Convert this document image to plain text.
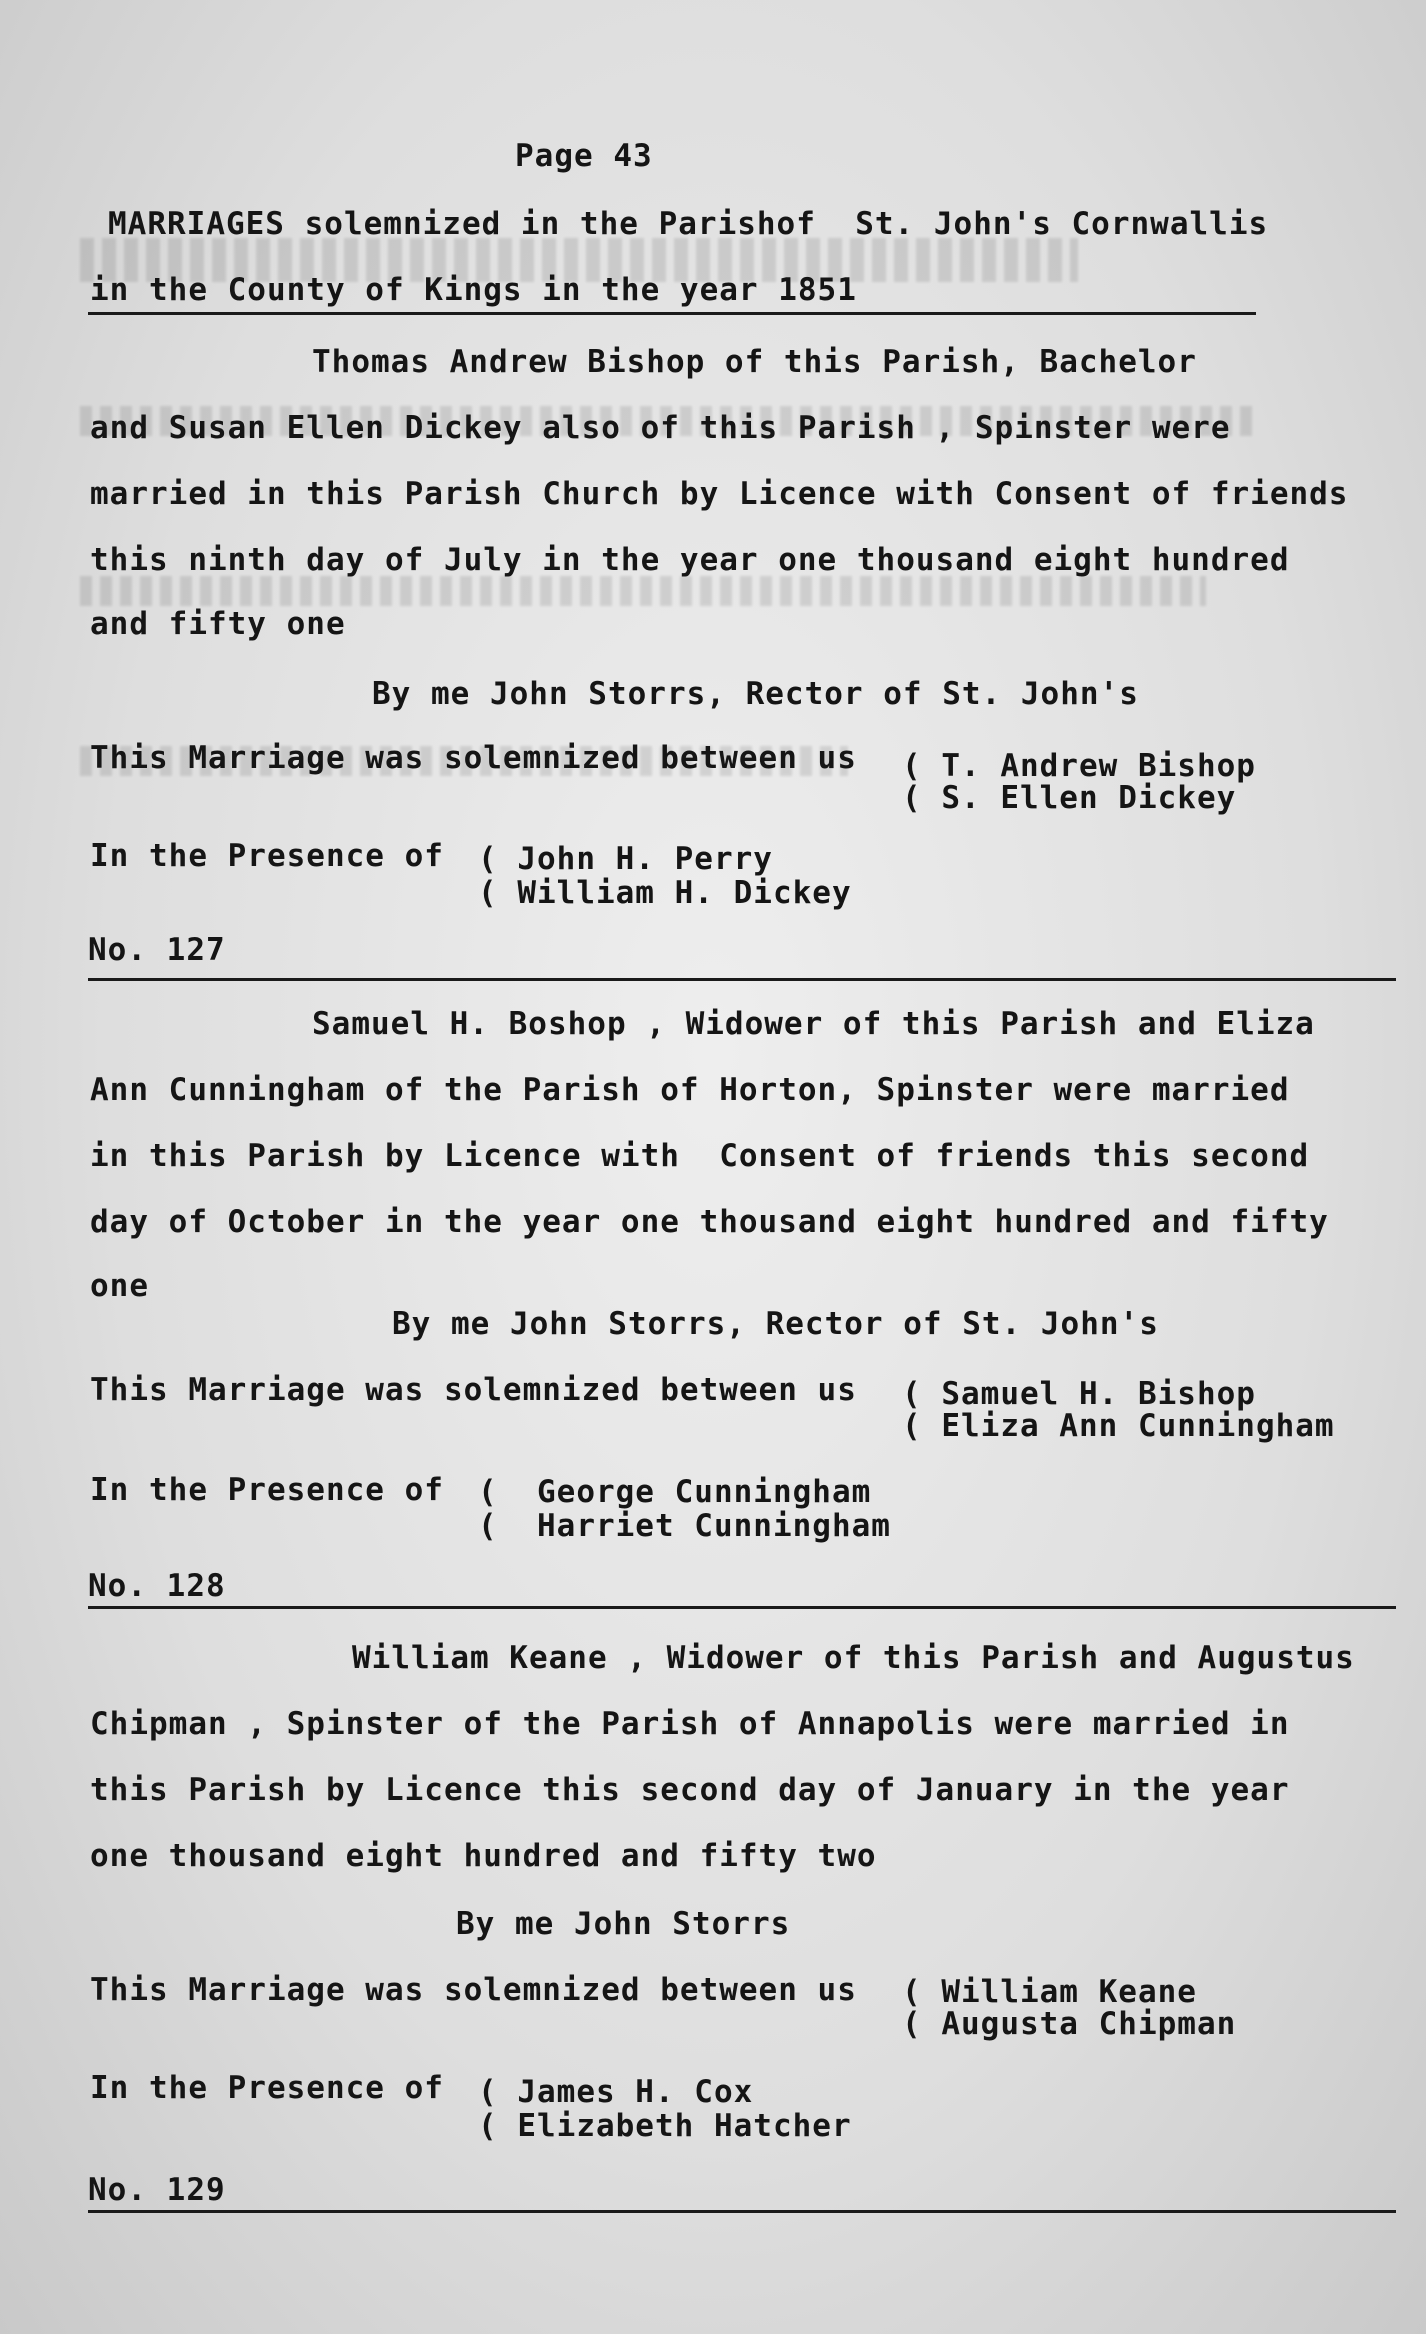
Page 43
MARRIAGES solemnized in the Parishof  St. John's Cornwallis
in the County of Kings in the year 1851
Thomas Andrew Bishop of this Parish, Bachelor
and Susan Ellen Dickey also of this Parish , Spinster were
married in this Parish Church by Licence with Consent of friends
this ninth day of July in the year one thousand eight hundred
and fifty one
By me John Storrs, Rector of St. John's
This Marriage was solemnized between us ( T. Andrew Bishop
( S. Ellen Dickey
In the Presence of ( John H. Perry
( William H. Dickey
No. 127
Samuel H. Boshop , Widower of this Parish and Eliza
Ann Cunningham of the Parish of Horton, Spinster were married
in this Parish by Licence with  Consent of friends this second
day of October in the year one thousand eight hundred and fifty
one
By me John Storrs, Rector of St. John's
This Marriage was solemnized between us ( Samuel H. Bishop
( Eliza Ann Cunningham
In the Presence of (  George Cunningham
(  Harriet Cunningham
No. 128
William Keane , Widower of this Parish and Augustus
Chipman , Spinster of the Parish of Annapolis were married in
this Parish by Licence this second day of January in the year
one thousand eight hundred and fifty two
By me John Storrs
This Marriage was solemnized between us ( William Keane
( Augusta Chipman
In the Presence of ( James H. Cox
( Elizabeth Hatcher
No. 129
